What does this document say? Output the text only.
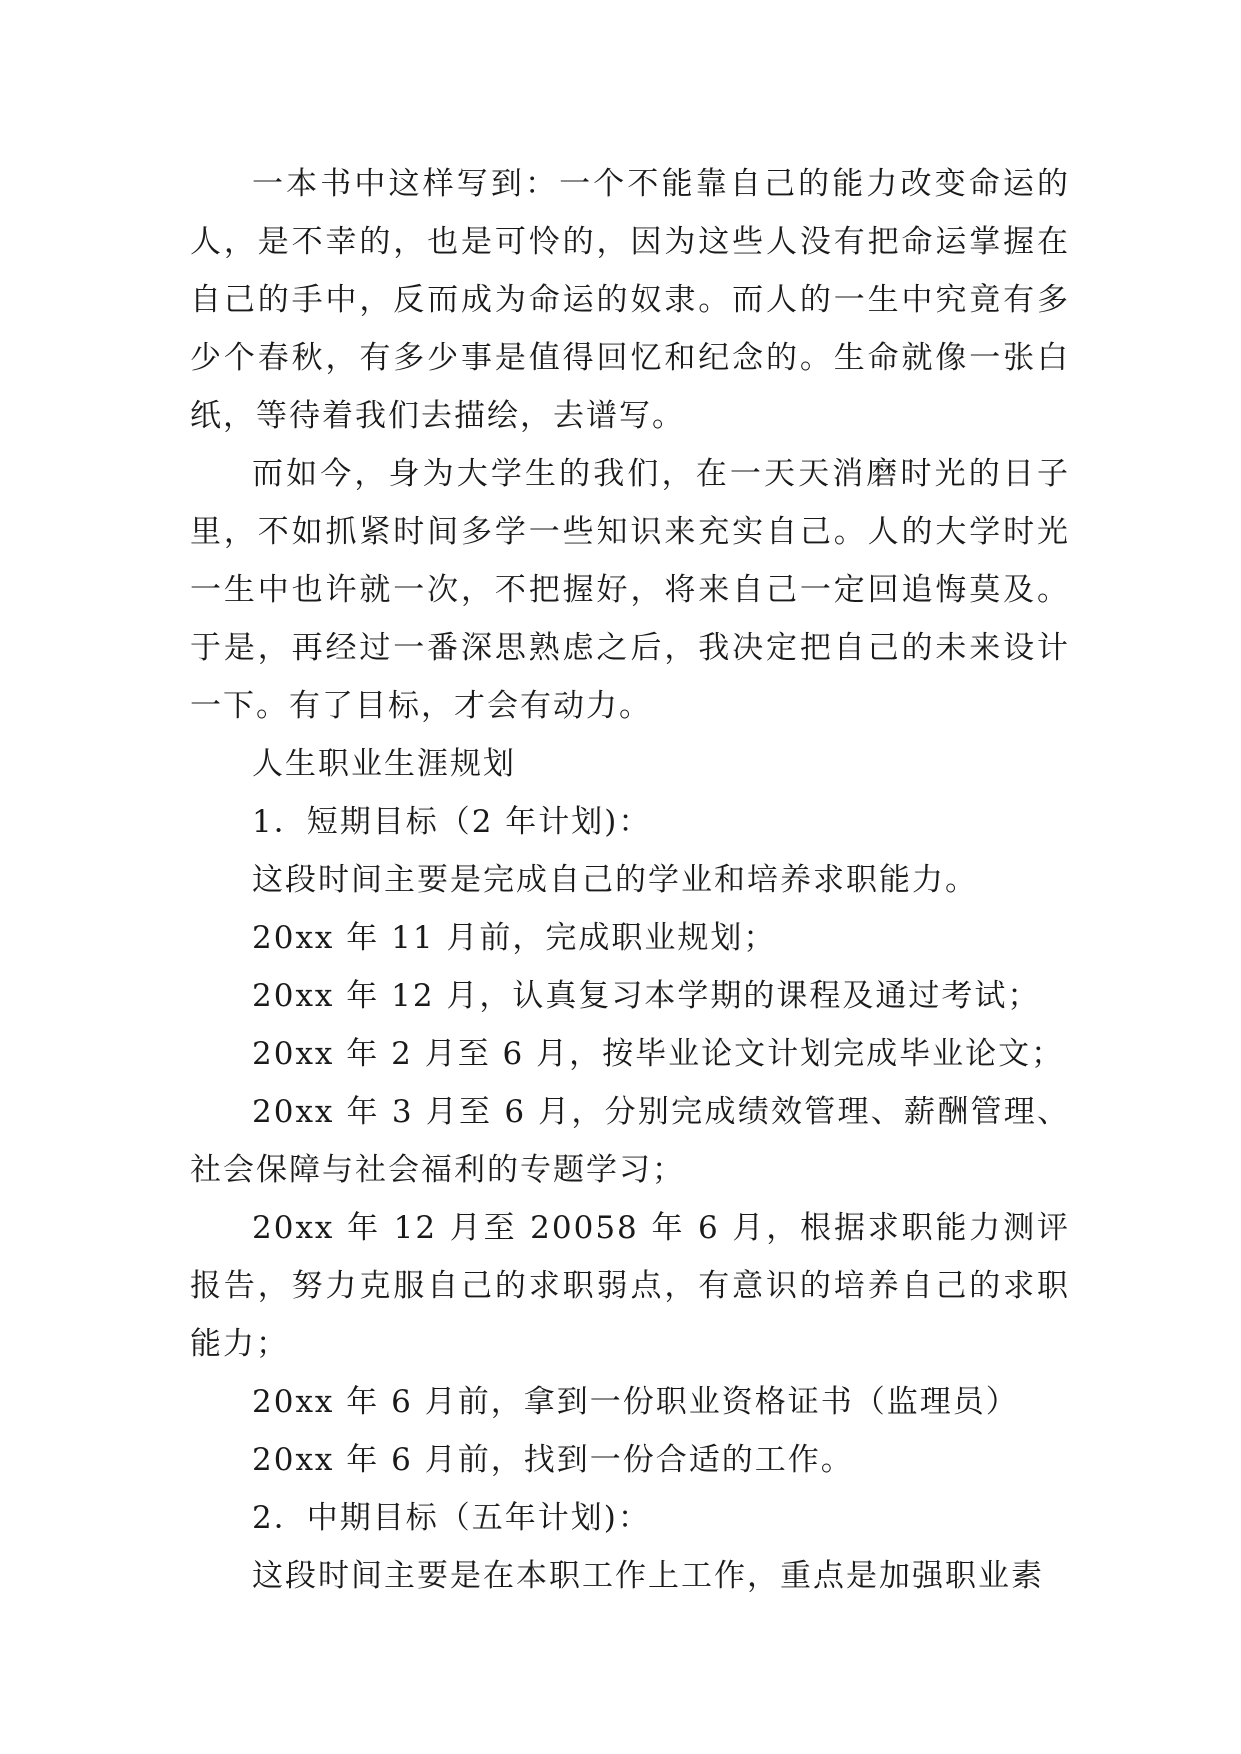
一本书中这样写到：一个不能靠自己的能力改变命运的人，是不幸的，也是可怜的，因为这些人没有把命运掌握在自己的手中，反而成为命运的奴隶。而人的一生中究竟有多少个春秋，有多少事是值得回忆和纪念的。生命就像一张白纸，等待着我们去描绘，去谱写。

而如今，身为大学生的我们，在一天天消磨时光的日子里，不如抓紧时间多学一些知识来充实自己。人的大学时光一生中也许就一次，不把握好，将来自己一定回追悔莫及。于是，再经过一番深思熟虑之后，我决定把自己的未来设计一下。有了目标，才会有动力。

人生职业生涯规划

1．短期目标（2 年计划)：

这段时间主要是完成自己的学业和培养求职能力。

20xx 年 11 月前，完成职业规划；

20xx 年 12 月，认真复习本学期的课程及通过考试；

20xx 年 2 月至 6 月，按毕业论文计划完成毕业论文；

20xx 年 3 月至 6 月，分别完成绩效管理、薪酬管理、社会保障与社会福利的专题学习；

20xx 年 12 月至 20058 年 6 月，根据求职能力测评报告，努力克服自己的求职弱点，有意识的培养自己的求职能力；

20xx 年 6 月前，拿到一份职业资格证书（监理员）

20xx 年 6 月前，找到一份合适的工作。

2．中期目标（五年计划)：

这段时间主要是在本职工作上工作，重点是加强职业素
